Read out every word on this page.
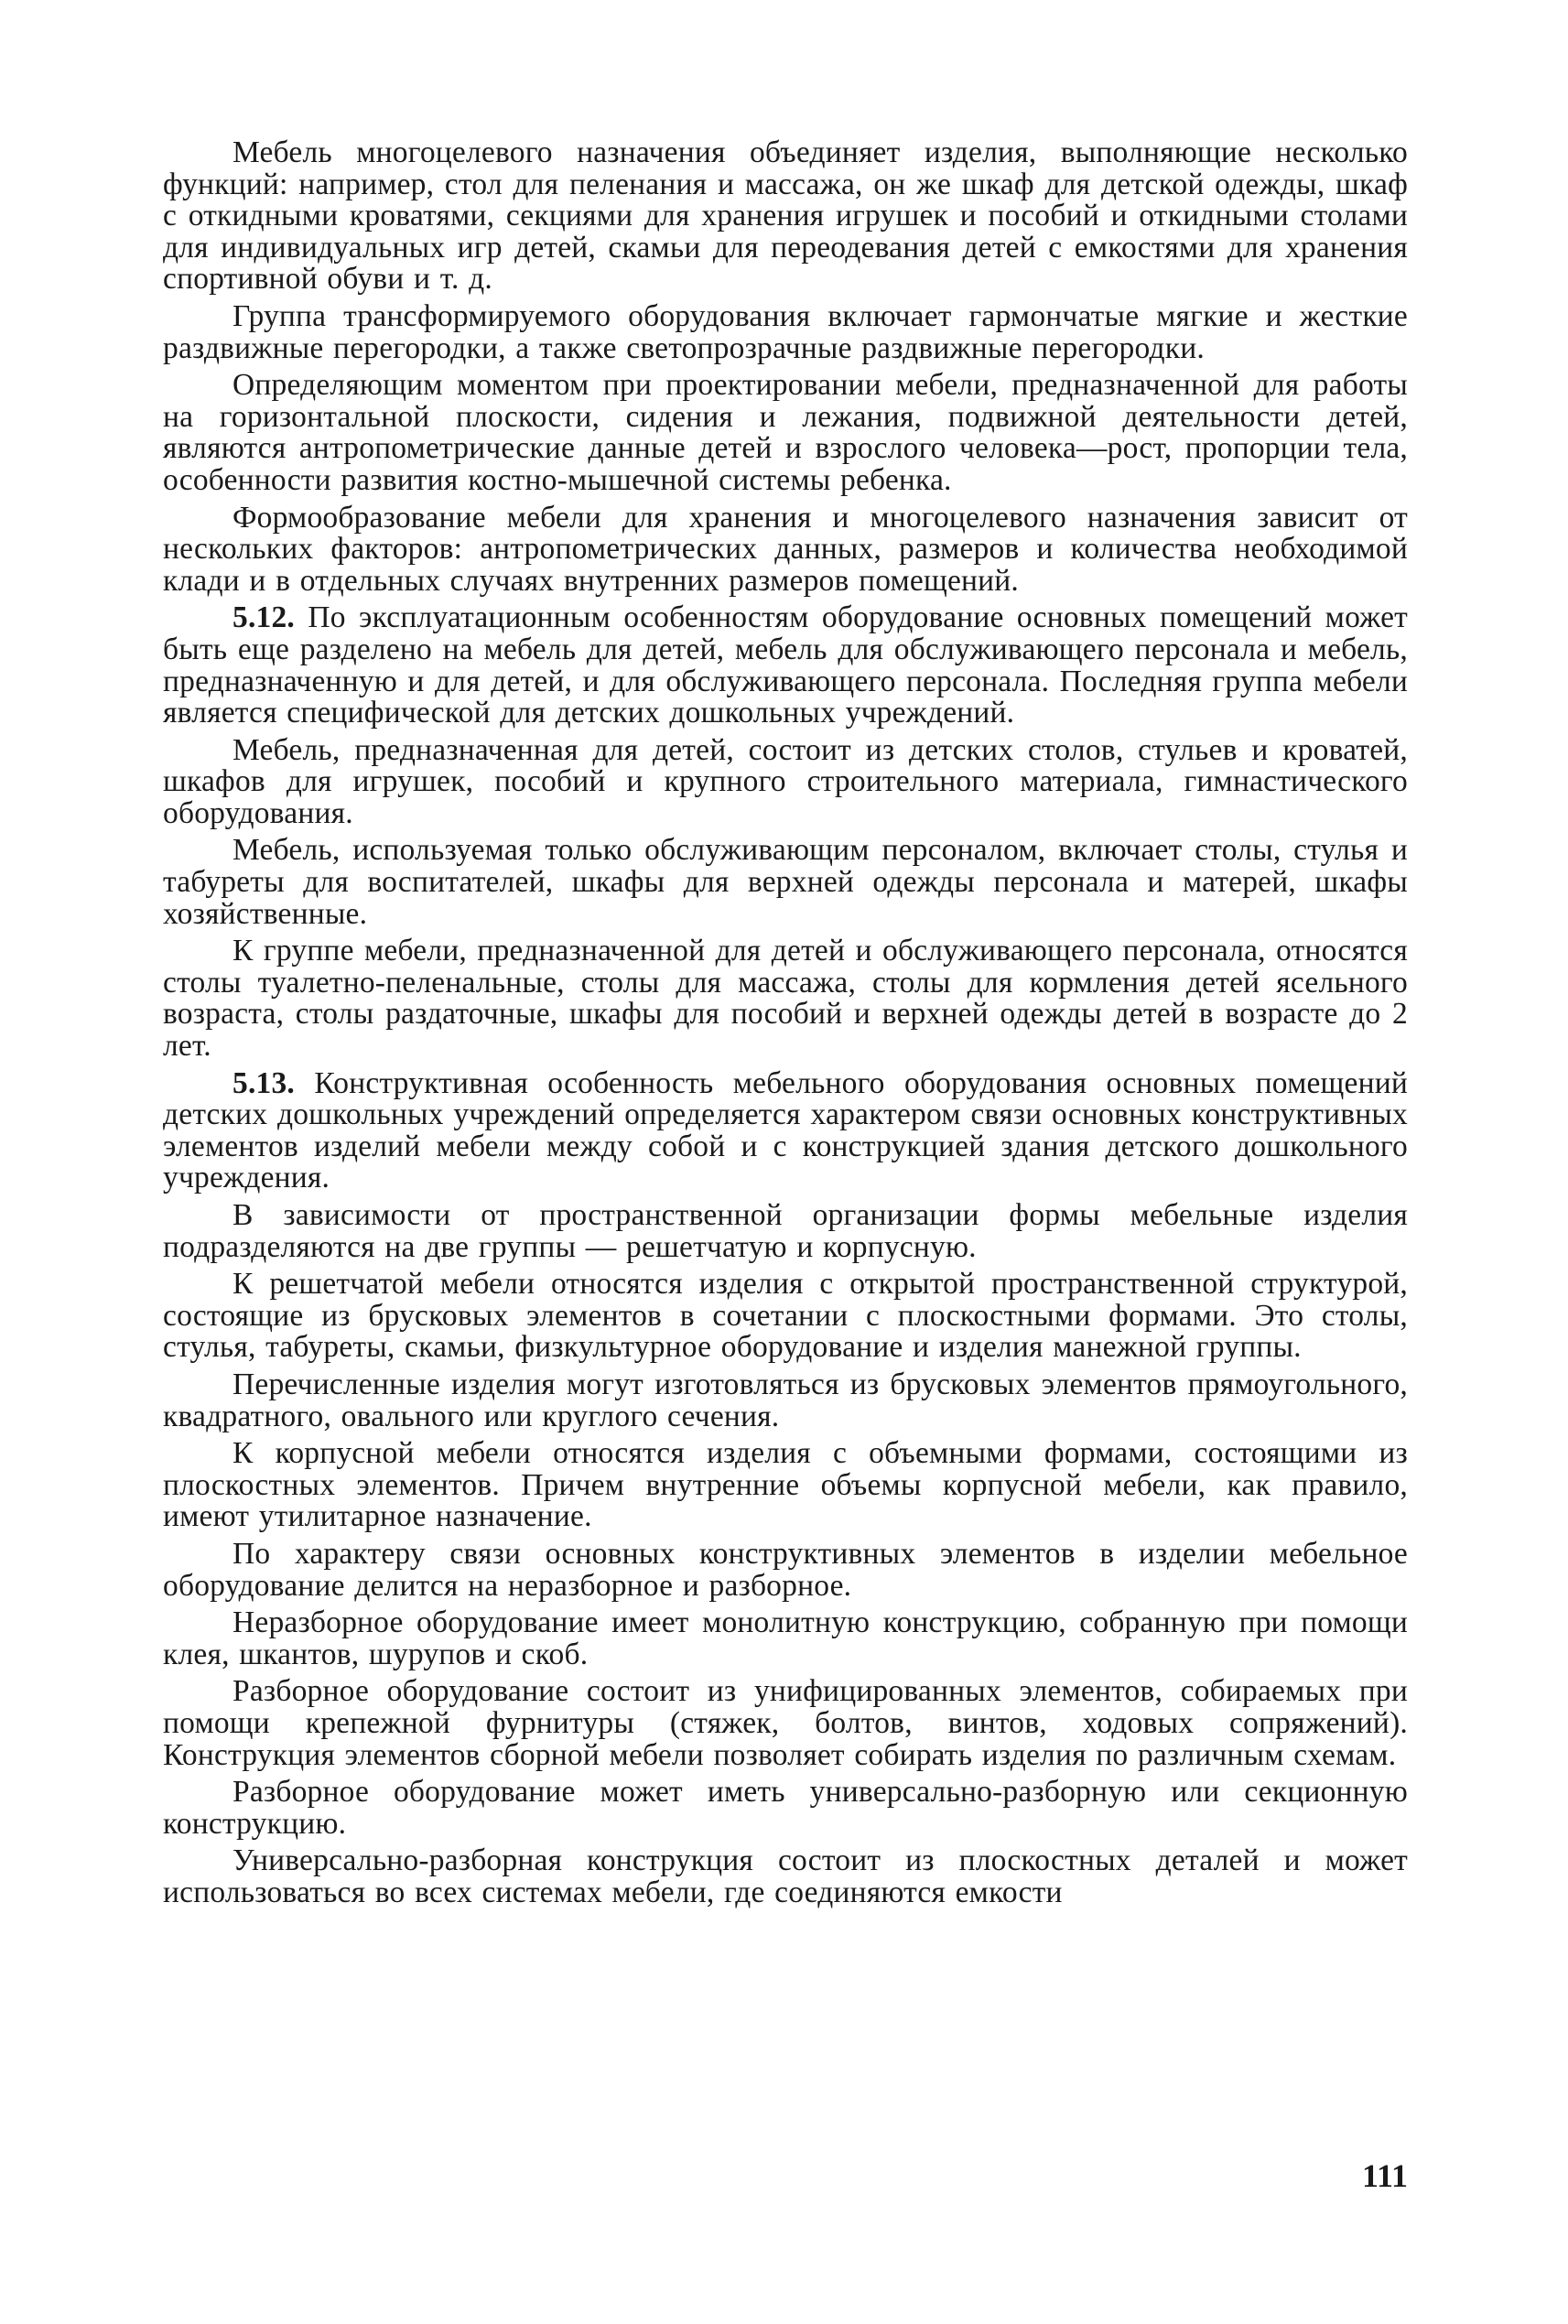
Мебель многоцелевого назначения объединяет изделия, выполняющие несколько функций: например, стол для пеленания и массажа, он же шкаф для детской одежды, шкаф с откидными кроватями, секциями для хранения игрушек и пособий и откидными столами для индивидуальных игр детей, скамьи для переодевания детей с емкостями для хранения спортивной обуви и т. д.

Группа трансформируемого оборудования включает гармончатые мягкие и жесткие раздвижные перегородки, а также светопрозрачные раздвижные перегородки.

Определяющим моментом при проектировании мебели, предназначенной для работы на горизонтальной плоскости, сидения и лежания, подвижной деятельности детей, являются антропометрические данные детей и взрослого человека—рост, пропорции тела, особенности развития костно-мышечной системы ребенка.

Формообразование мебели для хранения и многоцелевого назначения зависит от нескольких факторов: антропометрических данных, размеров и количества необходимой клади и в отдельных случаях внутренних размеров помещений.

5.12. По эксплуатационным особенностям оборудование основных помещений может быть еще разделено на мебель для детей, мебель для обслуживающего персонала и мебель, предназначенную и для детей, и для обслуживающего персонала. Последняя группа мебели является специфической для детских дошкольных учреждений.

Мебель, предназначенная для детей, состоит из детских столов, стульев и кроватей, шкафов для игрушек, пособий и крупного строительного материала, гимнастического оборудования.

Мебель, используемая только обслуживающим персоналом, включает столы, стулья и табуреты для воспитателей, шкафы для верхней одежды персонала и матерей, шкафы хозяйственные.

К группе мебели, предназначенной для детей и обслуживающего персонала, относятся столы туалетно-пеленальные, столы для массажа, столы для кормления детей ясельного возраста, столы раздаточные, шкафы для пособий и верхней одежды детей в возрасте до 2 лет.

5.13. Конструктивная особенность мебельного оборудования основных помещений детских дошкольных учреждений определяется характером связи основных конструктивных элементов изделий мебели между собой и с конструкцией здания детского дошкольного учреждения.

В зависимости от пространственной организации формы мебельные изделия подразделяются на две группы — решетчатую и корпусную.

К решетчатой мебели относятся изделия с открытой пространственной структурой, состоящие из брусковых элементов в сочетании с плоскостными формами. Это столы, стулья, табуреты, скамьи, физкультурное оборудование и изделия манежной группы.

Перечисленные изделия могут изготовляться из брусковых элементов прямоугольного, квадратного, овального или круглого сечения.

К корпусной мебели относятся изделия с объемными формами, состоящими из плоскостных элементов. Причем внутренние объемы корпусной мебели, как правило, имеют утилитарное назначение.

По характеру связи основных конструктивных элементов в изделии мебельное оборудование делится на неразборное и разборное.

Неразборное оборудование имеет монолитную конструкцию, собранную при помощи клея, шкантов, шурупов и скоб.

Разборное оборудование состоит из унифицированных элементов, собираемых при помощи крепежной фурнитуры (стяжек, болтов, винтов, ходовых сопряжений). Конструкция элементов сборной мебели позволяет собирать изделия по различным схемам.

Разборное оборудование может иметь универсально-разборную или секционную конструкцию.

Универсально-разборная конструкция состоит из плоскостных деталей и может использоваться во всех системах мебели, где соединяются емкости

111
